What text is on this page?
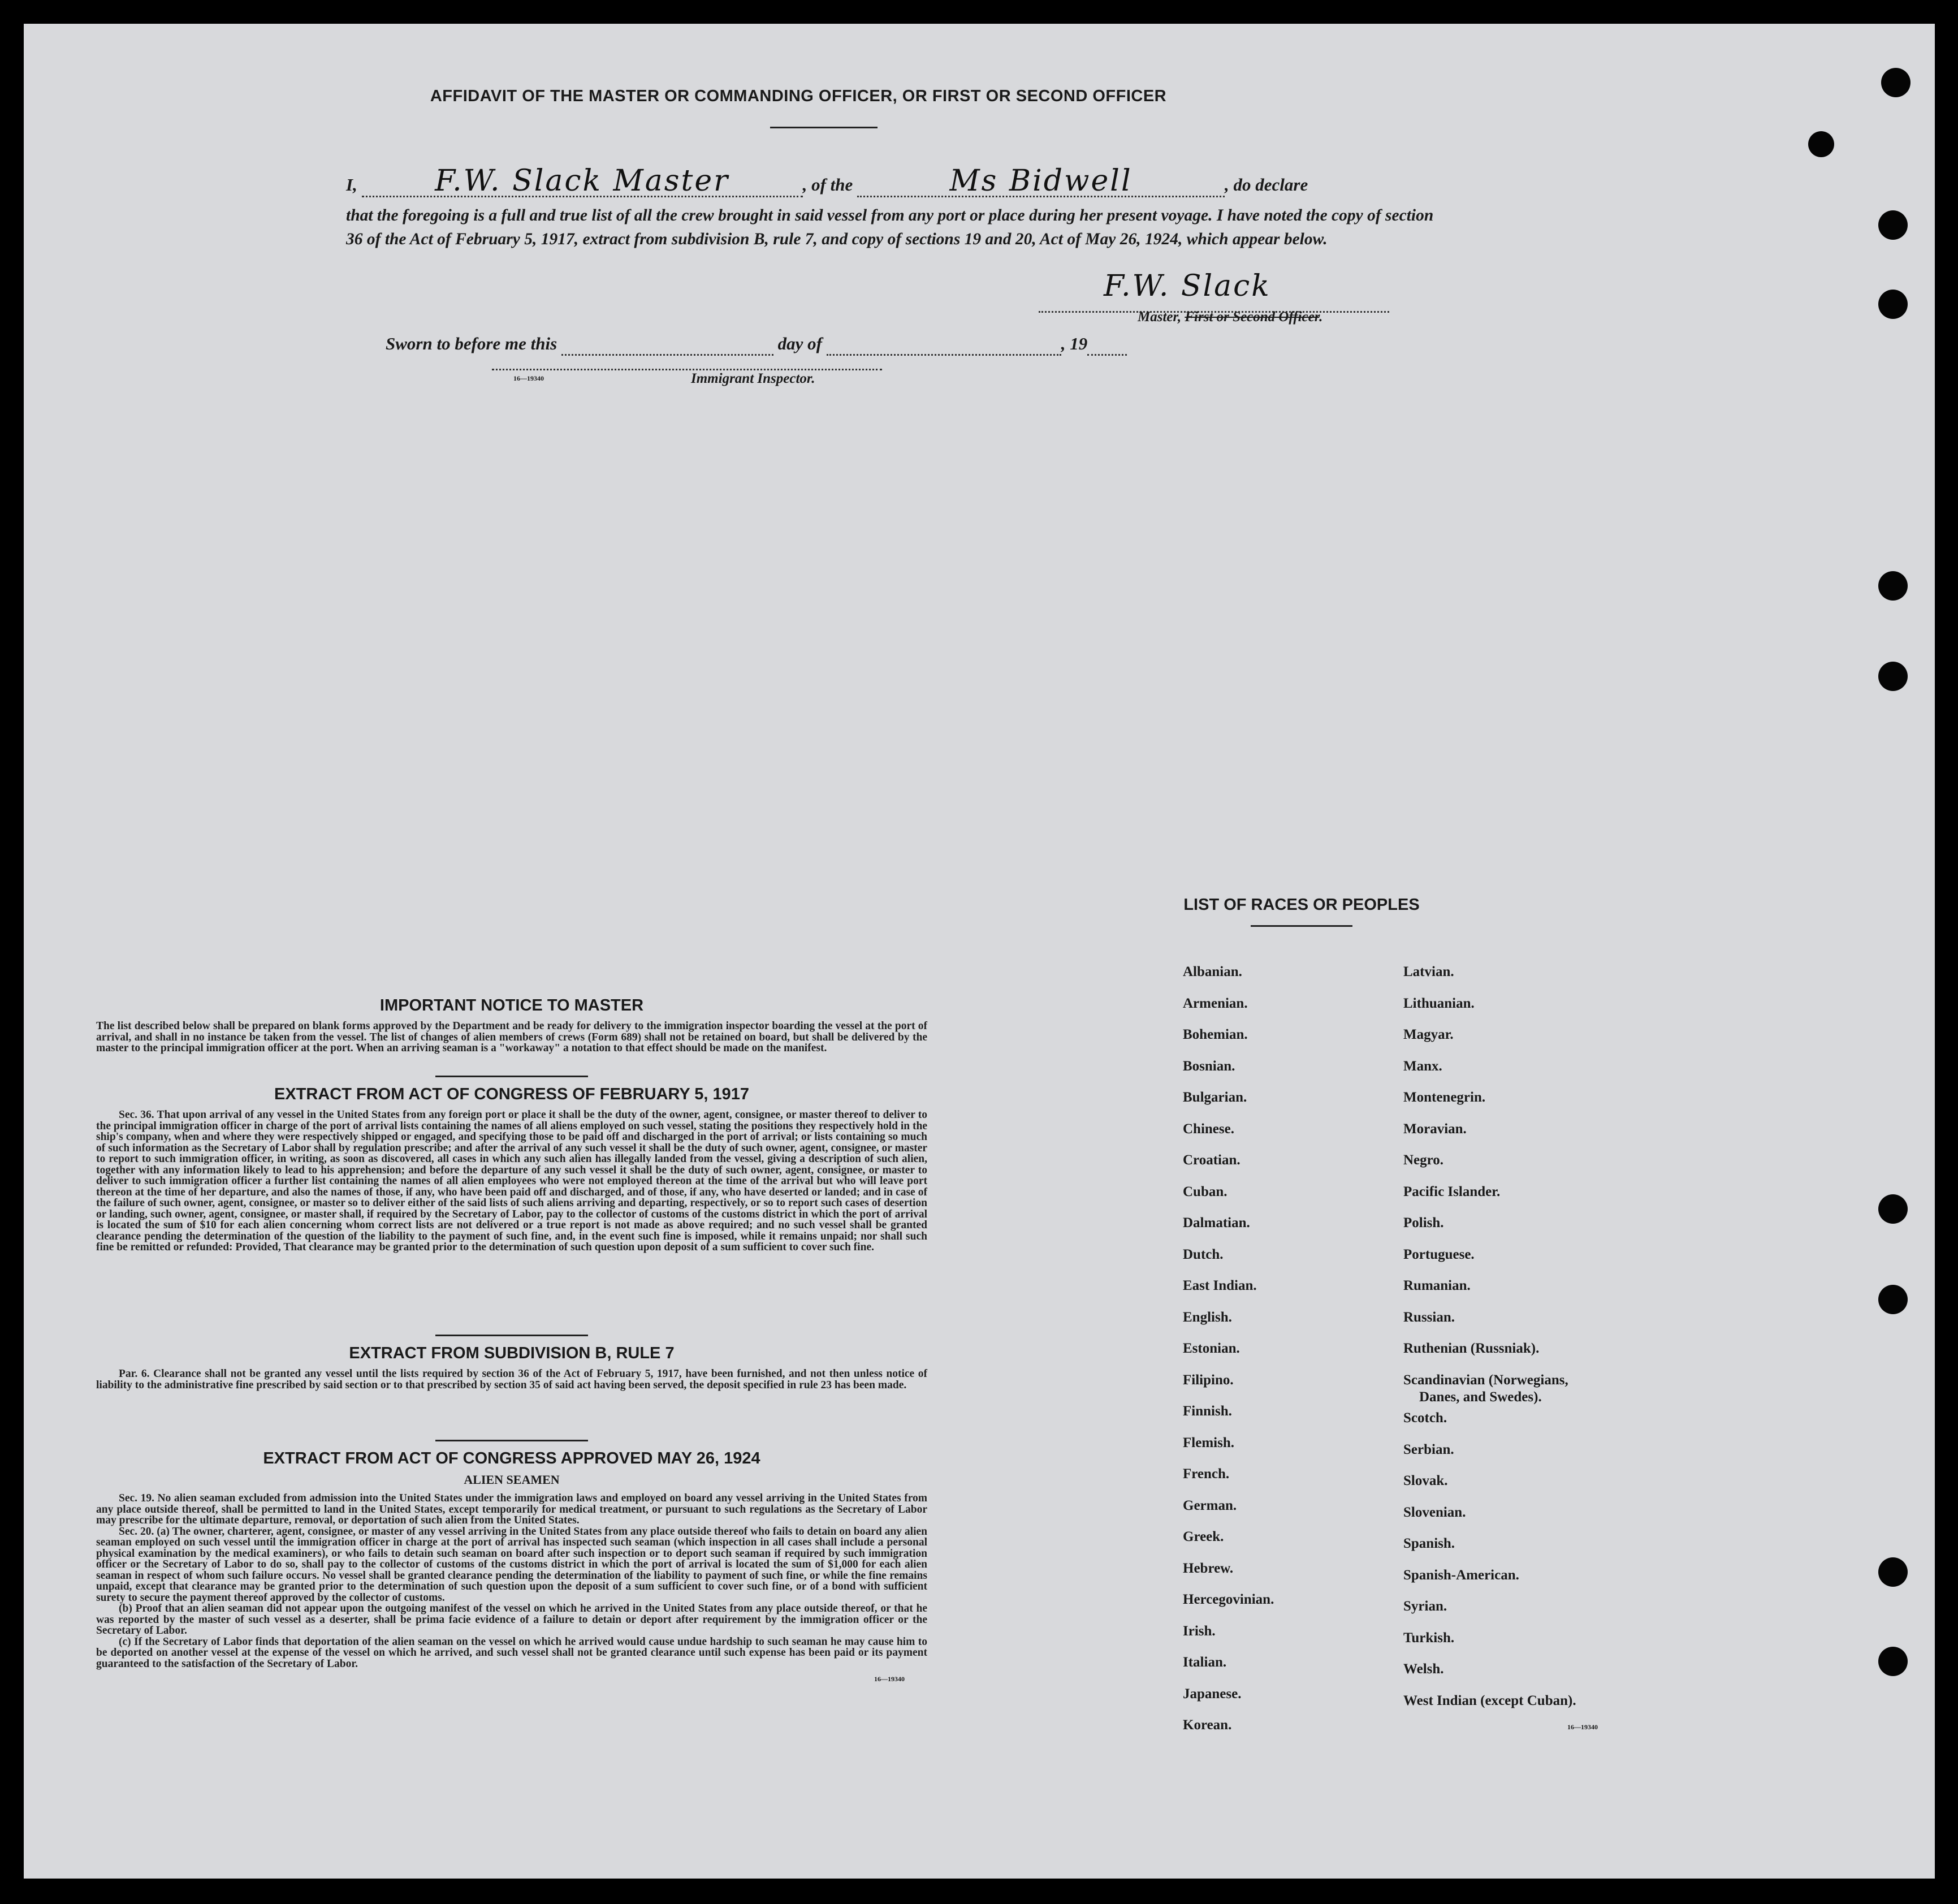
AFFIDAVIT OF THE MASTER OR COMMANDING OFFICER, OR FIRST OR SECOND OFFICER
I,	F.W. Slack Master	, of the	Ms Bidwell	, do declare
that the foregoing is a full and true list of all the crew brought in said vessel from any port or place during her present voyage. I have noted the copy of section 36 of the Act of February 5, 1917, extract from subdivision B, rule 7, and copy of sections 19 and 20, Act of May 26, 1924, which appear below.
F.W. Slack
Master, First or Second Officer.
Sworn to before me this	day of	, 19
16—19340	Immigrant Inspector.
IMPORTANT NOTICE TO MASTER
The list described below shall be prepared on blank forms approved by the Department and be ready for delivery to the immigration inspector boarding the vessel at the port of arrival, and shall in no instance be taken from the vessel. The list of changes of alien members of crews (Form 689) shall not be retained on board, but shall be delivered by the master to the principal immigration officer at the port. When an arriving seaman is a "workaway" a notation to that effect should be made on the manifest.
EXTRACT FROM ACT OF CONGRESS OF FEBRUARY 5, 1917
Sec. 36. That upon arrival of any vessel in the United States from any foreign port or place it shall be the duty of the owner, agent, consignee, or master thereof to deliver to the principal immigration officer in charge of the port of arrival lists containing the names of all aliens employed on such vessel, stating the positions they respectively hold in the ship's company, when and where they were respectively shipped or engaged, and specifying those to be paid off and discharged in the port of arrival; or lists containing so much of such information as the Secretary of Labor shall by regulation prescribe; and after the arrival of any such vessel it shall be the duty of such owner, agent, consignee, or master to report to such immigration officer, in writing, as soon as discovered, all cases in which any such alien has illegally landed from the vessel, giving a description of such alien, together with any information likely to lead to his apprehension; and before the departure of any such vessel it shall be the duty of such owner, agent, consignee, or master to deliver to such immigration officer a further list containing the names of all alien employees who were not employed thereon at the time of the arrival but who will leave port thereon at the time of her departure, and also the names of those, if any, who have been paid off and discharged, and of those, if any, who have deserted or landed; and in case of the failure of such owner, agent, consignee, or master so to deliver either of the said lists of such aliens arriving and departing, respectively, or so to report such cases of desertion or landing, such owner, agent, consignee, or master shall, if required by the Secretary of Labor, pay to the collector of customs of the customs district in which the port of arrival is located the sum of $10 for each alien concerning whom correct lists are not delivered or a true report is not made as above required; and no such vessel shall be granted clearance pending the determination of the question of the liability to the payment of such fine, and, in the event such fine is imposed, while it remains unpaid; nor shall such fine be remitted or refunded: Provided, That clearance may be granted prior to the determination of such question upon deposit of a sum sufficient to cover such fine.
EXTRACT FROM SUBDIVISION B, RULE 7
Par. 6. Clearance shall not be granted any vessel until the lists required by section 36 of the Act of February 5, 1917, have been furnished, and not then unless notice of liability to the administrative fine prescribed by said section or to that prescribed by section 35 of said act having been served, the deposit specified in rule 23 has been made.
EXTRACT FROM ACT OF CONGRESS APPROVED MAY 26, 1924
ALIEN SEAMEN
Sec. 19. No alien seaman excluded from admission into the United States under the immigration laws and employed on board any vessel arriving in the United States from any place outside thereof, shall be permitted to land in the United States, except temporarily for medical treatment, or pursuant to such regulations as the Secretary of Labor may prescribe for the ultimate departure, removal, or deportation of such alien from the United States.
Sec. 20. (a) The owner, charterer, agent, consignee, or master of any vessel arriving in the United States from any place outside thereof who fails to detain on board any alien seaman employed on such vessel until the immigration officer in charge at the port of arrival has inspected such seaman (which inspection in all cases shall include a personal physical examination by the medical examiners), or who fails to detain such seaman on board after such inspection or to deport such seaman if required by such immigration officer or the Secretary of Labor to do so, shall pay to the collector of customs of the customs district in which the port of arrival is located the sum of $1,000 for each alien seaman in respect of whom such failure occurs. No vessel shall be granted clearance pending the determination of the liability to payment of such fine, or while the fine remains unpaid, except that clearance may be granted prior to the determination of such question upon the deposit of a sum sufficient to cover such fine, or of a bond with sufficient surety to secure the payment thereof approved by the collector of customs.
(b) Proof that an alien seaman did not appear upon the outgoing manifest of the vessel on which he arrived in the United States from any place outside thereof, or that he was reported by the master of such vessel as a deserter, shall be prima facie evidence of a failure to detain or deport after requirement by the immigration officer or the Secretary of Labor.
(c) If the Secretary of Labor finds that deportation of the alien seaman on the vessel on which he arrived would cause undue hardship to such seaman he may cause him to be deported on another vessel at the expense of the vessel on which he arrived, and such vessel shall not be granted clearance until such expense has been paid or its payment guaranteed to the satisfaction of the Secretary of Labor.
16—19340
LIST OF RACES OR PEOPLES
Albanian.
Armenian.
Bohemian.
Bosnian.
Bulgarian.
Chinese.
Croatian.
Cuban.
Dalmatian.
Dutch.
East Indian.
English.
Estonian.
Filipino.
Finnish.
Flemish.
French.
German.
Greek.
Hebrew.
Hercegovinian.
Irish.
Italian.
Japanese.
Korean.
Latvian.
Lithuanian.
Magyar.
Manx.
Montenegrin.
Moravian.
Negro.
Pacific Islander.
Polish.
Portuguese.
Rumanian.
Russian.
Ruthenian (Russniak).
Scandinavian (Norwegians,
Danes, and Swedes).
Scotch.
Serbian.
Slovak.
Slovenian.
Spanish.
Spanish-American.
Syrian.
Turkish.
Welsh.
West Indian (except Cuban).
16—19340
